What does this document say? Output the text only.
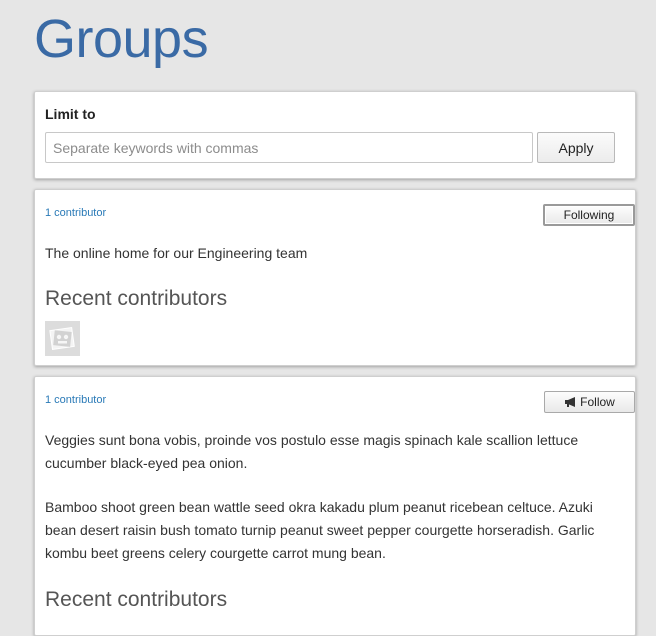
Groups
Limit to
Separate keywords with commas
Apply
1 contributor	Following

The online home for our Engineering team

Recent contributors
1 contributor	Follow

Veggies sunt bona vobis, proinde vos postulo esse magis spinach kale scallion lettuce cucumber black-eyed pea onion.

Bamboo shoot green bean wattle seed okra kakadu plum peanut ricebean celtuce. Azuki bean desert raisin bush tomato turnip peanut sweet pepper courgette horseradish. Garlic kombu beet greens celery courgette carrot mung bean.

Recent contributors
